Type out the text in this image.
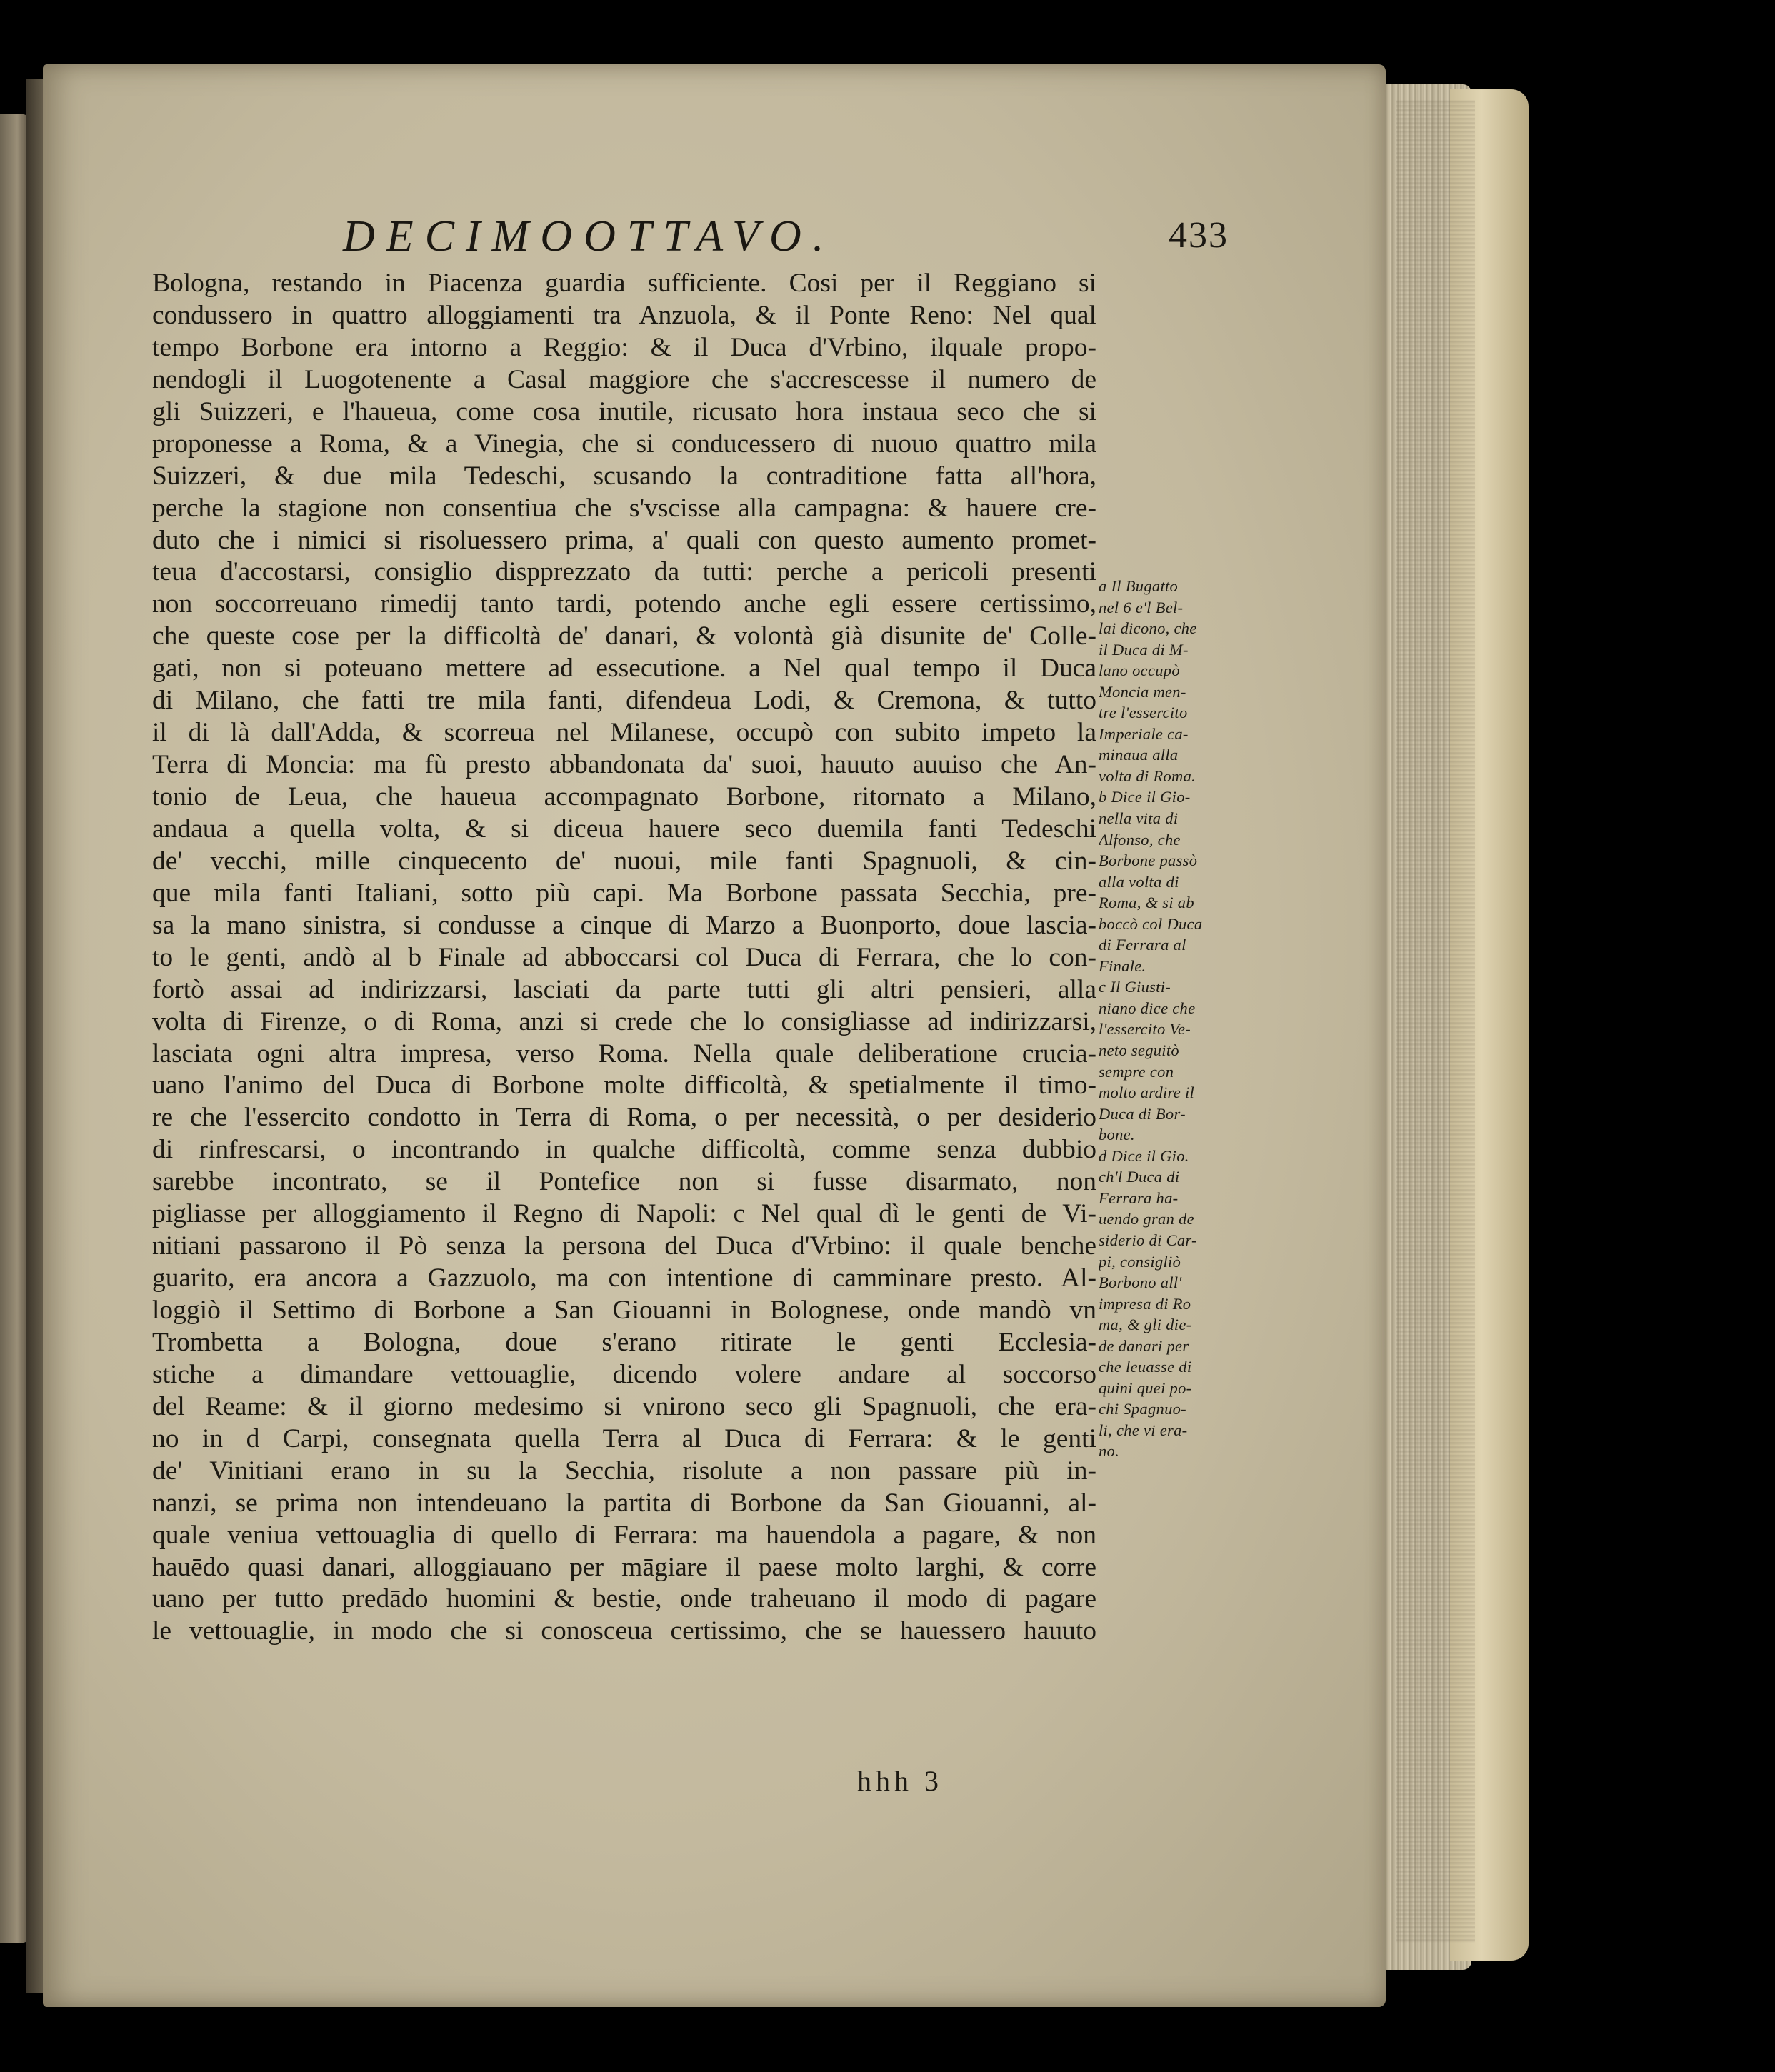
DECIMOOTTAVO.	433
Bologna, restando in Piacenza guardia sufficiente. Cosi per il Reggiano si
condussero in quattro alloggiamenti tra Anzuola, & il Ponte Reno: Nel qual
tempo Borbone era intorno a Reggio: & il Duca d'Vrbino, ilquale propo-
nendogli il Luogotenente a Casal maggiore che s'accrescesse il numero de
gli Suizzeri, e l'haueua, come cosa inutile, ricusato hora instaua seco che si
proponesse a Roma, & a Vinegia, che si conducessero di nuouo quattro mila
Suizzeri, & due mila Tedeschi, scusando la contraditione fatta all'hora,
perche la stagione non consentiua che s'vscisse alla campagna: & hauere cre-
duto che i nimici si risoluessero prima, a' quali con questo aumento promet-
teua d'accostarsi, consiglio dispprezzato da tutti: perche a pericoli presenti
non soccorreuano rimedij tanto tardi, potendo anche egli essere certissimo,
che queste cose per la difficoltà de' danari, & volontà già disunite de' Colle-
gati, non si poteuano mettere ad essecutione. a Nel qual tempo il Duca
di Milano, che fatti tre mila fanti, difendeua Lodi, & Cremona, & tutto
il di là dall'Adda, & scorreua nel Milanese, occupò con subito impeto la
Terra di Moncia: ma fù presto abbandonata da' suoi, hauuto auuiso che An-
tonio de Leua, che haueua accompagnato Borbone, ritornato a Milano,
andaua a quella volta, & si diceua hauere seco duemila fanti Tedeschi
de' vecchi, mille cinquecento de' nuoui, mile fanti Spagnuoli, & cin-
que mila fanti Italiani, sotto più capi. Ma Borbone passata Secchia, pre-
sa la mano sinistra, si condusse a cinque di Marzo a Buonporto, doue lascia-
to le genti, andò al b Finale ad abboccarsi col Duca di Ferrara, che lo con-
fortò assai ad indirizzarsi, lasciati da parte tutti gli altri pensieri, alla
volta di Firenze, o di Roma, anzi si crede che lo consigliasse ad indirizzarsi,
lasciata ogni altra impresa, verso Roma. Nella quale deliberatione crucia-
uano l'animo del Duca di Borbone molte difficoltà, & spetialmente il timo-
re che l'essercito condotto in Terra di Roma, o per necessità, o per desiderio
di rinfrescarsi, o incontrando in qualche difficoltà, comme senza dubbio
sarebbe incontrato, se il Pontefice non si fusse disarmato, non
pigliasse per alloggiamento il Regno di Napoli: c Nel qual dì le genti de Vi-
nitiani passarono il Pò senza la persona del Duca d'Vrbino: il quale benche
guarito, era ancora a Gazzuolo, ma con intentione di camminare presto. Al-
loggiò il Settimo di Borbone a San Giouanni in Bolognese, onde mandò vn
Trombetta a Bologna, doue s'erano ritirate le genti Ecclesia-
stiche a dimandare vettouaglie, dicendo volere andare al soccorso
del Reame: & il giorno medesimo si vnirono seco gli Spagnuoli, che era-
no in d Carpi, consegnata quella Terra al Duca di Ferrara: & le genti
de' Vinitiani erano in su la Secchia, risolute a non passare più in-
nanzi, se prima non intendeuano la partita di Borbone da San Giouanni, al-
quale veniua vettouaglia di quello di Ferrara: ma hauendola a pagare, & non
hauēdo quasi danari, alloggiauano per māgiare il paese molto larghi, & corre
uano per tutto predādo huomini & bestie, onde traheuano il modo di pagare
le vettouaglie, in modo che si conosceua certissimo, che se hauessero hauuto
a Il Bugatto
nel 6 e'l Bel-
lai dicono, che
il Duca di M-
lano occupò
Moncia men-
tre l'essercito
Imperiale ca-
minaua alla
volta di Roma.
b Dice il Gio-
nella vita di
Alfonso, che
Borbone passò
alla volta di
Roma, & si ab
boccò col Duca
di Ferrara al
Finale.
c Il Giusti-
niano dice che
l'essercito Ve-
neto seguitò
sempre con
molto ardire il
Duca di Bor-
bone.
d Dice il Gio.
ch'l Duca di
Ferrara ha-
uendo gran de
siderio di Car-
pi, consigliò
Borbono all'
impresa di Ro
ma, & gli die-
de danari per
che leuasse di
quini quei po-
chi Spagnuo-
li, che vi era-
no.
hhh 3
